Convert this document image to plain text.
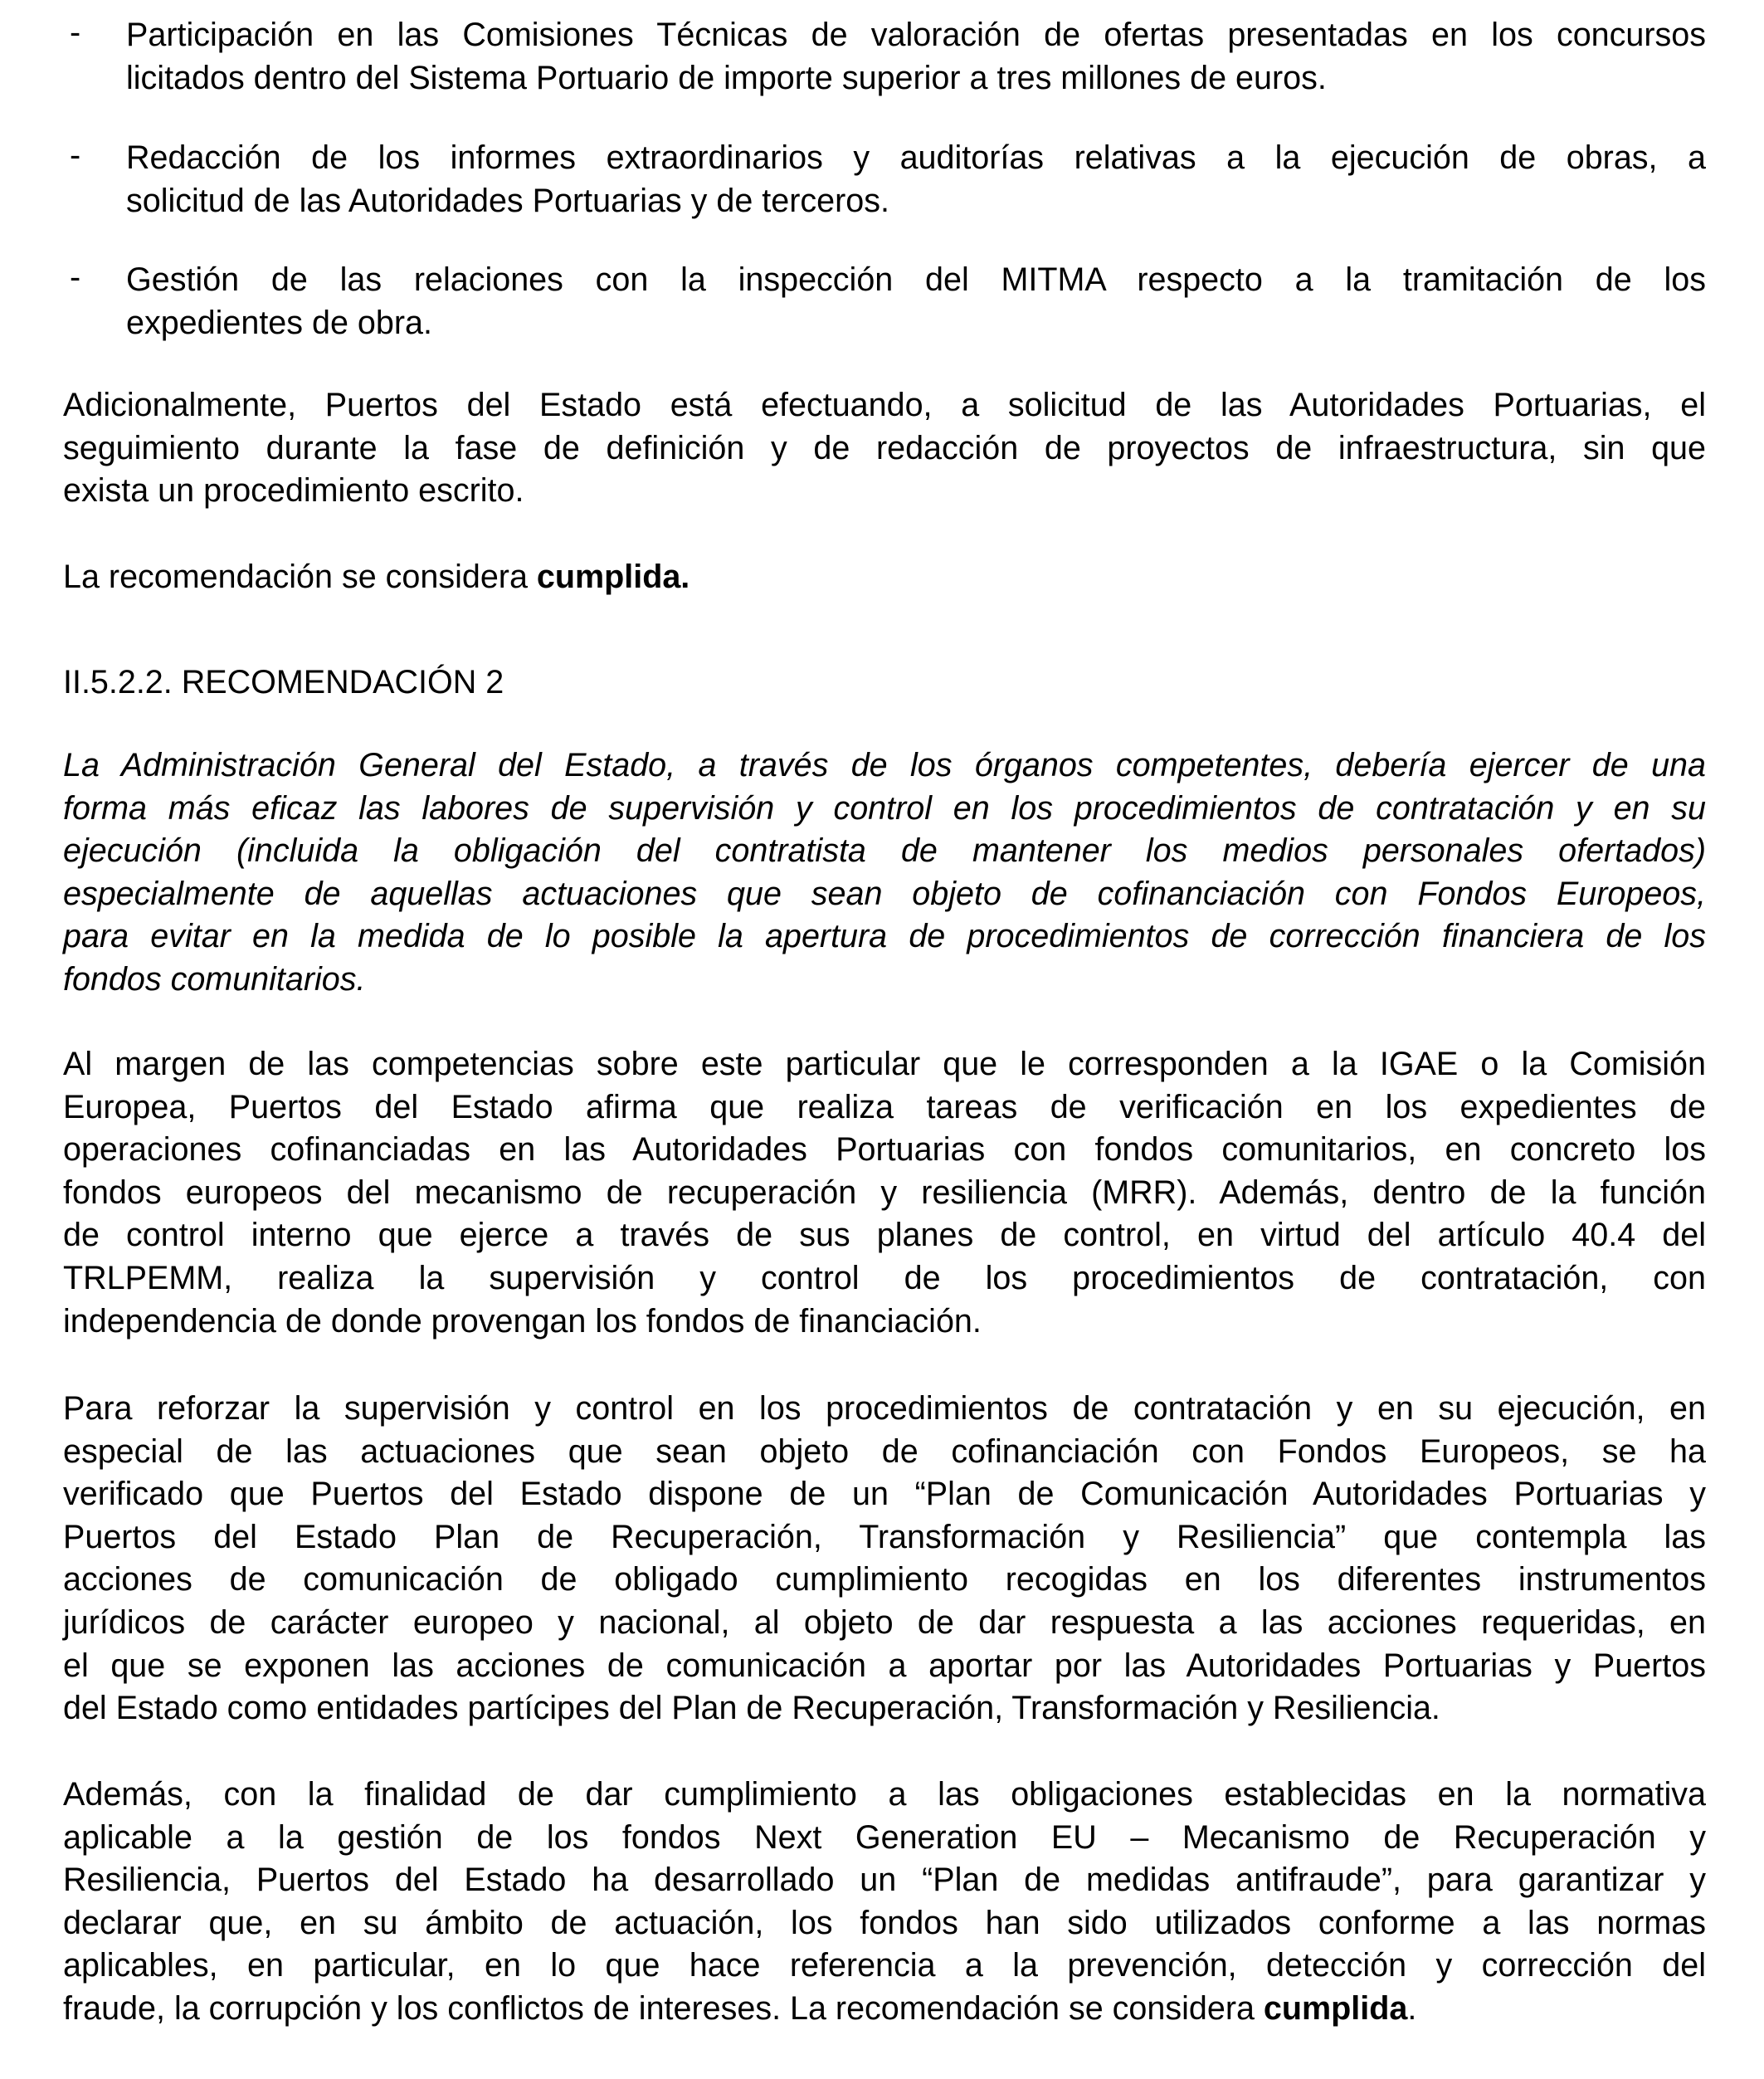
- Participación en las Comisiones Técnicas de valoración de ofertas presentadas en los concursos
licitados dentro del Sistema Portuario de importe superior a tres millones de euros.
- Redacción de los informes extraordinarios y auditorías relativas a la ejecución de obras, a
solicitud de las Autoridades Portuarias y de terceros.
- Gestión de las relaciones con la inspección del MITMA respecto a la tramitación de los
expedientes de obra.
Adicionalmente, Puertos del Estado está efectuando, a solicitud de las Autoridades Portuarias, el
seguimiento durante la fase de definición y de redacción de proyectos de infraestructura, sin que
exista un procedimiento escrito.
La recomendación se considera cumplida.
II.5.2.2. RECOMENDACIÓN 2
La Administración General del Estado, a través de los órganos competentes, debería ejercer de una
forma más eficaz las labores de supervisión y control en los procedimientos de contratación y en su
ejecución (incluida la obligación del contratista de mantener los medios personales ofertados)
especialmente de aquellas actuaciones que sean objeto de cofinanciación con Fondos Europeos,
para evitar en la medida de lo posible la apertura de procedimientos de corrección financiera de los
fondos comunitarios.
Al margen de las competencias sobre este particular que le corresponden a la IGAE o la Comisión
Europea, Puertos del Estado afirma que realiza tareas de verificación en los expedientes de
operaciones cofinanciadas en las Autoridades Portuarias con fondos comunitarios, en concreto los
fondos europeos del mecanismo de recuperación y resiliencia (MRR). Además, dentro de la función
de control interno que ejerce a través de sus planes de control, en virtud del artículo 40.4 del
TRLPEMM, realiza la supervisión y control de los procedimientos de contratación, con
independencia de donde provengan los fondos de financiación.
Para reforzar la supervisión y control en los procedimientos de contratación y en su ejecución, en
especial de las actuaciones que sean objeto de cofinanciación con Fondos Europeos, se ha
verificado que Puertos del Estado dispone de un “Plan de Comunicación Autoridades Portuarias y
Puertos del Estado Plan de Recuperación, Transformación y Resiliencia” que contempla las
acciones de comunicación de obligado cumplimiento recogidas en los diferentes instrumentos
jurídicos de carácter europeo y nacional, al objeto de dar respuesta a las acciones requeridas, en
el que se exponen las acciones de comunicación a aportar por las Autoridades Portuarias y Puertos
del Estado como entidades partícipes del Plan de Recuperación, Transformación y Resiliencia.
Además, con la finalidad de dar cumplimiento a las obligaciones establecidas en la normativa
aplicable a la gestión de los fondos Next Generation EU – Mecanismo de Recuperación y
Resiliencia, Puertos del Estado ha desarrollado un “Plan de medidas antifraude”, para garantizar y
declarar que, en su ámbito de actuación, los fondos han sido utilizados conforme a las normas
aplicables, en particular, en lo que hace referencia a la prevención, detección y corrección del
fraude, la corrupción y los conflictos de intereses. La recomendación se considera cumplida.
